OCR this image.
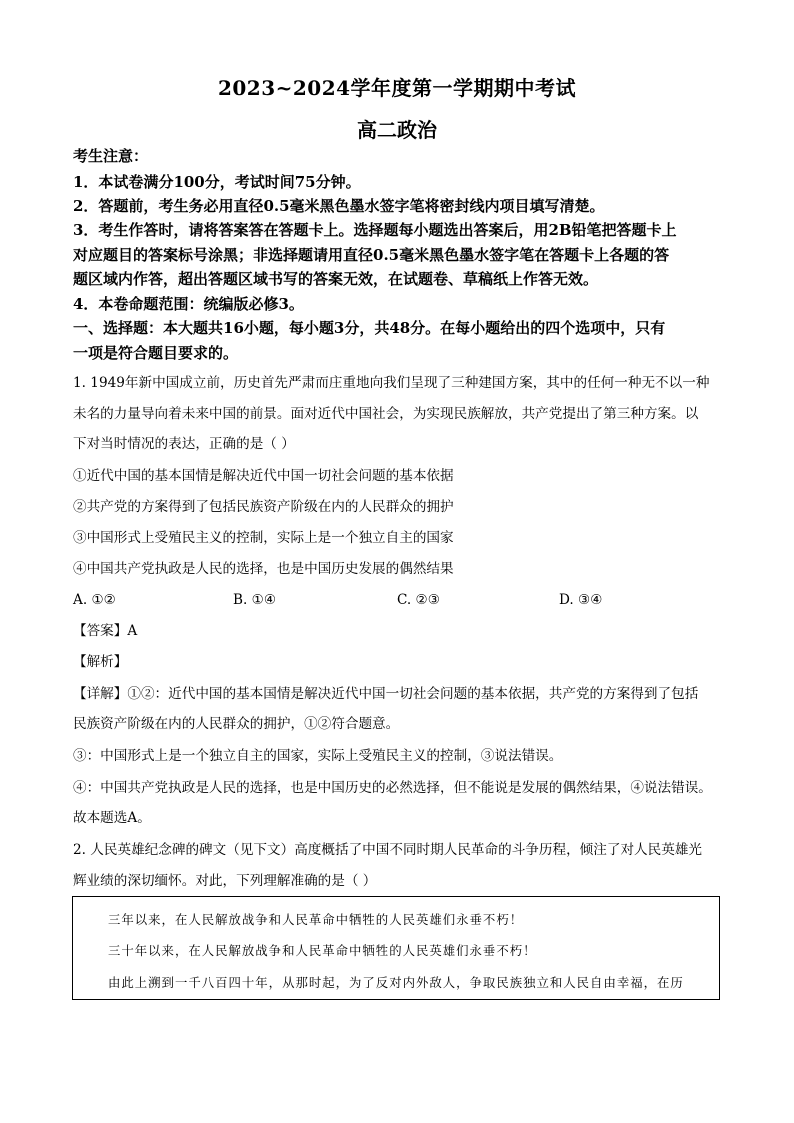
2023~2024学年度第一学期期中考试
高二政治
考生注意：
1．本试卷满分100分，考试时间75分钟。
2．答题前，考生务必用直径0.5毫米黑色墨水签字笔将密封线内项目填写清楚。
3．考生作答时，请将答案答在答题卡上。选择题每小题选出答案后，用2B铅笔把答题卡上
对应题目的答案标号涂黑；非选择题请用直径0.5毫米黑色墨水签字笔在答题卡上各题的答
题区域内作答，超出答题区域书写的答案无效，在试题卷、草稿纸上作答无效。
4．本卷命题范围：统编版必修3。
一、选择题：本大题共16小题，每小题3分，共48分。在每小题给出的四个选项中，只有
一项是符合题目要求的。
1. 1949年新中国成立前，历史首先严肃而庄重地向我们呈现了三种建国方案，其中的任何一种无不以一种
未名的力量导向着未来中国的前景。面对近代中国社会，为实现民族解放，共产党提出了第三种方案。以
下对当时情况的表达，正确的是（ ）
①近代中国的基本国情是解决近代中国一切社会问题的基本依据
②共产党的方案得到了包括民族资产阶级在内的人民群众的拥护
③中国形式上受殖民主义的控制，实际上是一个独立自主的国家
④中国共产党执政是人民的选择，也是中国历史发展的偶然结果
A. ①②	B. ①④	C. ②③	D. ③④
【答案】A
【解析】
【详解】①②：近代中国的基本国情是解决近代中国一切社会问题的基本依据，共产党的方案得到了包括
民族资产阶级在内的人民群众的拥护，①②符合题意。
③：中国形式上是一个独立自主的国家，实际上受殖民主义的控制，③说法错误。
④：中国共产党执政是人民的选择，也是中国历史的必然选择，但不能说是发展的偶然结果，④说法错误。
故本题选A。
2. 人民英雄纪念碑的碑文（见下文）高度概括了中国不同时期人民革命的斗争历程，倾注了对人民英雄光
辉业绩的深切缅怀。对此，下列理解准确的是（ ）
三年以来，在人民解放战争和人民革命中牺牲的人民英雄们永垂不朽！
三十年以来，在人民解放战争和人民革命中牺牲的人民英雄们永垂不朽！
由此上溯到一千八百四十年，从那时起，为了反对内外敌人，争取民族独立和人民自由幸福，在历
